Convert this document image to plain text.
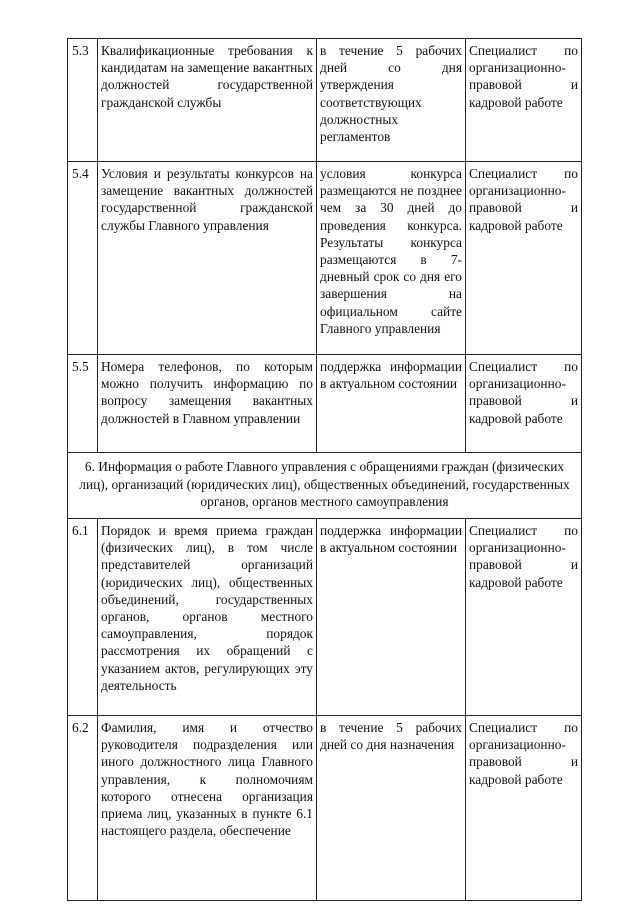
5.3	Квалификационные требования к кандидатам на замещение вакантных должностей государственной гражданской службы	в течение 5 рабочих дней со дня утверждения соответствующих должностных регламентов	Специалист по организационно-правовой и кадровой работе
5.4	Условия и результаты конкурсов на замещение вакантных должностей государственной гражданской службы Главного управления	условия конкурса размещаются не позднее чем за 30 дней до проведения конкурса. Результаты конкурса размещаются в 7-дневный срок со дня его завершения на официальном сайте Главного управления	Специалист по организационно-правовой и кадровой работе
5.5	Номера телефонов, по которым можно получить информацию по вопросу замещения вакантных должностей в Главном управлении	поддержка информации в актуальном состоянии	Специалист по организационно-правовой и кадровой работе
6. Информация о работе Главного управления с обращениями граждан (физических лиц), организаций (юридических лиц), общественных объединений, государственных органов, органов местного самоуправления			
6.1	Порядок и время приема граждан (физических лиц), в том числе представителей организаций (юридических лиц), общественных объединений, государственных органов, органов местного самоуправления, порядок рассмотрения их обращений с указанием актов, регулирующих эту деятельность	поддержка информации в актуальном состоянии	Специалист по организационно-правовой и кадровой работе
6.2	Фамилия, имя и отчество руководителя подразделения или иного должностного лица Главного управления, к полномочиям которого отнесена организация приема лиц, указанных в пункте 6.1 настоящего раздела, обеспечение	в течение 5 рабочих дней со дня назначения	Специалист по организационно-правовой и кадровой работе
